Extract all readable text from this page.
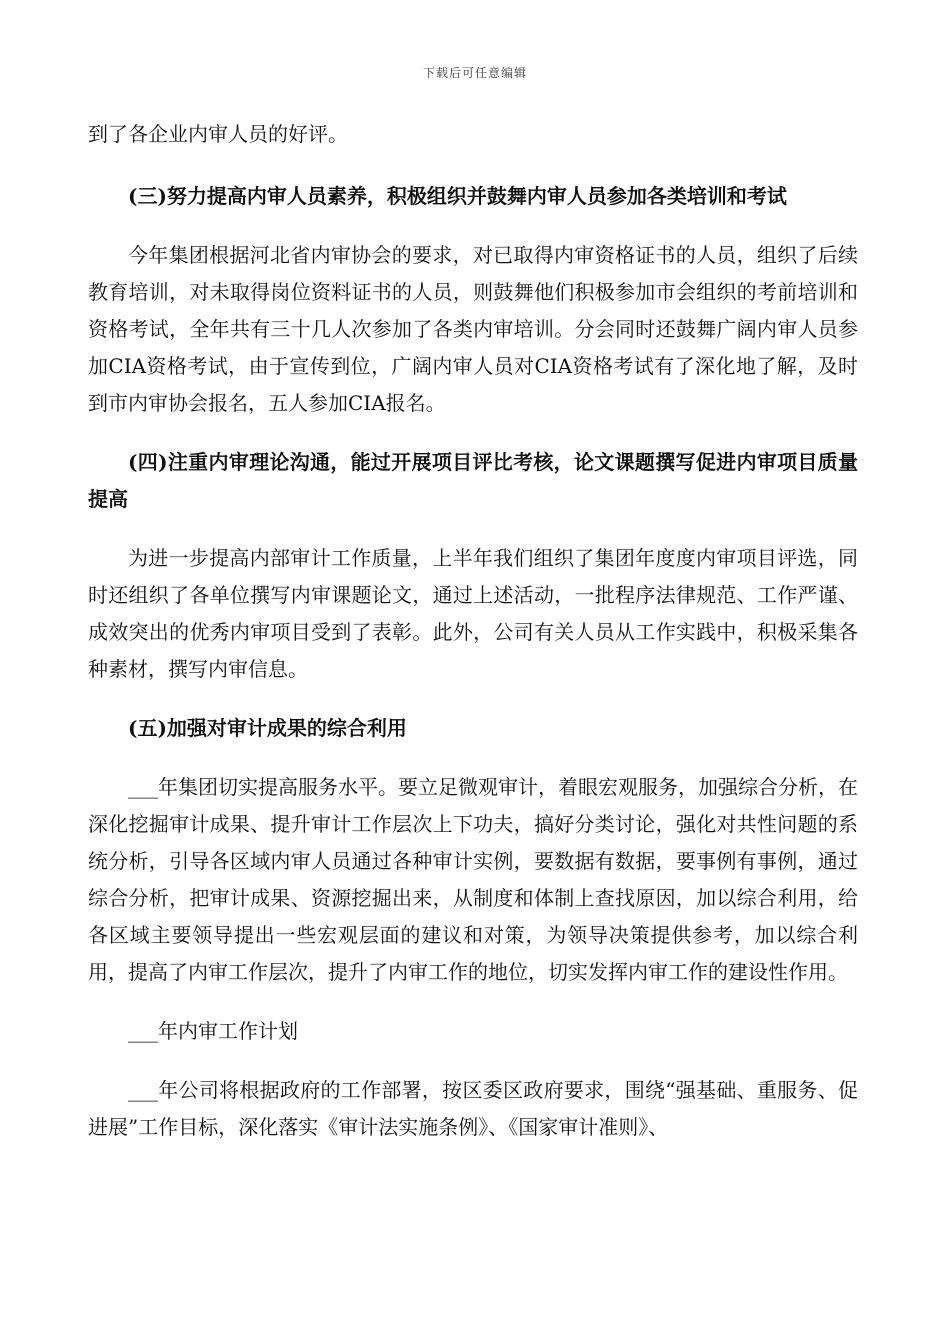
下载后可任意编辑

到了各企业内审人员的好评。

(三)努力提高内审人员素养，积极组织并鼓舞内审人员参加各类培训和考试

今年集团根据河北省内审协会的要求，对已取得内审资格证书的人员，组织了后续教育培训，对未取得岗位资料证书的人员，则鼓舞他们积极参加市会组织的考前培训和资格考试，全年共有三十几人次参加了各类内审培训。分会同时还鼓舞广阔内审人员参加CIA资格考试，由于宣传到位，广阔内审人员对CIA资格考试有了深化地了解，及时到市内审协会报名，五人参加CIA报名。

(四)注重内审理论沟通，能过开展项目评比考核，论文课题撰写促进内审项目质量提高

为进一步提高内部审计工作质量，上半年我们组织了集团年度度内审项目评选，同时还组织了各单位撰写内审课题论文，通过上述活动，一批程序法律规范、工作严谨、成效突出的优秀内审项目受到了表彰。此外，公司有关人员从工作实践中，积极采集各种素材，撰写内审信息。

(五)加强对审计成果的综合利用

___年集团切实提高服务水平。要立足微观审计，着眼宏观服务，加强综合分析，在深化挖掘审计成果、提升审计工作层次上下功夫，搞好分类讨论，强化对共性问题的系统分析，引导各区域内审人员通过各种审计实例，要数据有数据，要事例有事例，通过综合分析，把审计成果、资源挖掘出来，从制度和体制上查找原因，加以综合利用，给各区域主要领导提出一些宏观层面的建议和对策，为领导决策提供参考，加以综合利用，提高了内审工作层次，提升了内审工作的地位，切实发挥内审工作的建设性作用。

___年内审工作计划

___年公司将根据政府的工作部署，按区委区政府要求，围绕“强基础、重服务、促进展”工作目标，深化落实《审计法实施条例》、《国家审计准则》、
